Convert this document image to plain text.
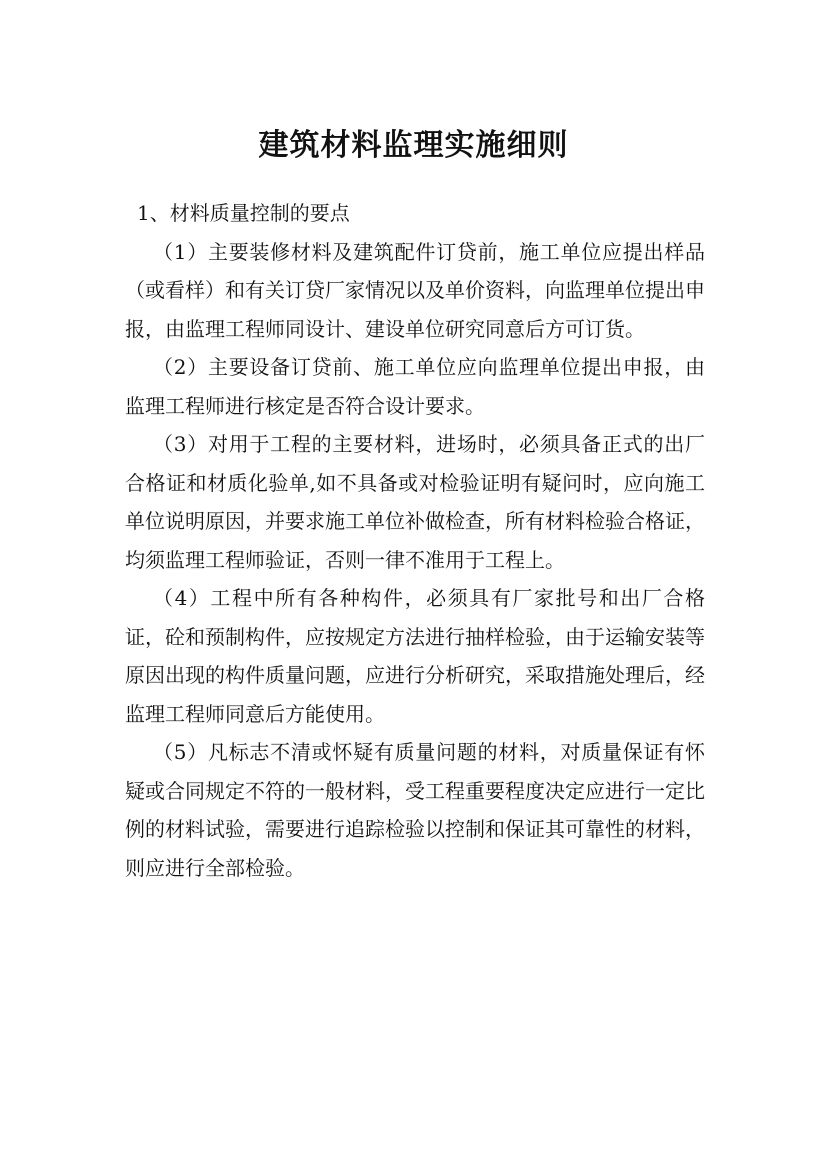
建筑材料监理实施细则

1、材料质量控制的要点

（1）主要装修材料及建筑配件订贷前，施工单位应提出样品（或看样）和有关订贷厂家情况以及单价资料，向监理单位提出申报，由监理工程师同设计、建设单位研究同意后方可订货。

（2）主要设备订贷前、施工单位应向监理单位提出申报，由监理工程师进行核定是否符合设计要求。

（3）对用于工程的主要材料，进场时，必须具备正式的出厂合格证和材质化验单,如不具备或对检验证明有疑问时，应向施工单位说明原因，并要求施工单位补做检查，所有材料检验合格证，均须监理工程师验证，否则一律不准用于工程上。

（4）工程中所有各种构件，必须具有厂家批号和出厂合格证，砼和预制构件，应按规定方法进行抽样检验，由于运输安装等原因出现的构件质量问题，应进行分析研究，采取措施处理后，经监理工程师同意后方能使用。

（5）凡标志不清或怀疑有质量问题的材料，对质量保证有怀疑或合同规定不符的一般材料，受工程重要程度决定应进行一定比例的材料试验，需要进行追踪检验以控制和保证其可靠性的材料，则应进行全部检验。
